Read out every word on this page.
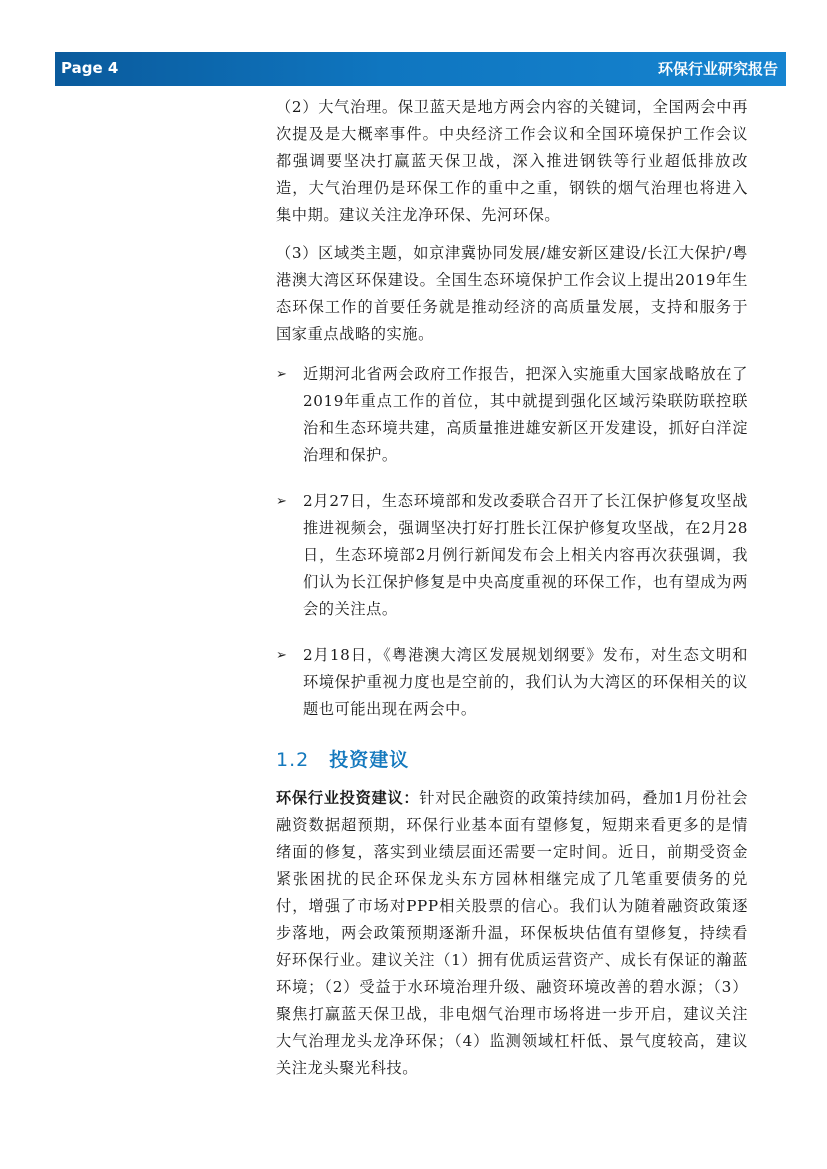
Page 4	环保行业研究报告

（2）大气治理。保卫蓝天是地方两会内容的关键词，全国两会中再次提及是大概率事件。中央经济工作会议和全国环境保护工作会议都强调要坚决打赢蓝天保卫战，深入推进钢铁等行业超低排放改造，大气治理仍是环保工作的重中之重，钢铁的烟气治理也将进入集中期。建议关注龙净环保、先河环保。

（3）区域类主题，如京津冀协同发展/雄安新区建设/长江大保护/粤港澳大湾区环保建设。全国生态环境保护工作会议上提出2019年生态环保工作的首要任务就是推动经济的高质量发展，支持和服务于国家重点战略的实施。

➢ 近期河北省两会政府工作报告，把深入实施重大国家战略放在了2019年重点工作的首位，其中就提到强化区域污染联防联控联治和生态环境共建，高质量推进雄安新区开发建设，抓好白洋淀治理和保护。

➢ 2月27日，生态环境部和发改委联合召开了长江保护修复攻坚战推进视频会，强调坚决打好打胜长江保护修复攻坚战，在2月28日，生态环境部2月例行新闻发布会上相关内容再次获强调，我们认为长江保护修复是中央高度重视的环保工作，也有望成为两会的关注点。

➢ 2月18日，《粤港澳大湾区发展规划纲要》发布，对生态文明和环境保护重视力度也是空前的，我们认为大湾区的环保相关的议题也可能出现在两会中。

1.2 投资建议

环保行业投资建议：针对民企融资的政策持续加码，叠加1月份社会融资数据超预期，环保行业基本面有望修复，短期来看更多的是情绪面的修复，落实到业绩层面还需要一定时间。近日，前期受资金紧张困扰的民企环保龙头东方园林相继完成了几笔重要债务的兑付，增强了市场对PPP相关股票的信心。我们认为随着融资政策逐步落地，两会政策预期逐渐升温，环保板块估值有望修复，持续看好环保行业。建议关注（1）拥有优质运营资产、成长有保证的瀚蓝环境；（2）受益于水环境治理升级、融资环境改善的碧水源；（3）聚焦打赢蓝天保卫战，非电烟气治理市场将进一步开启，建议关注大气治理龙头龙净环保；（4）监测领域杠杆低、景气度较高，建议关注龙头聚光科技。
